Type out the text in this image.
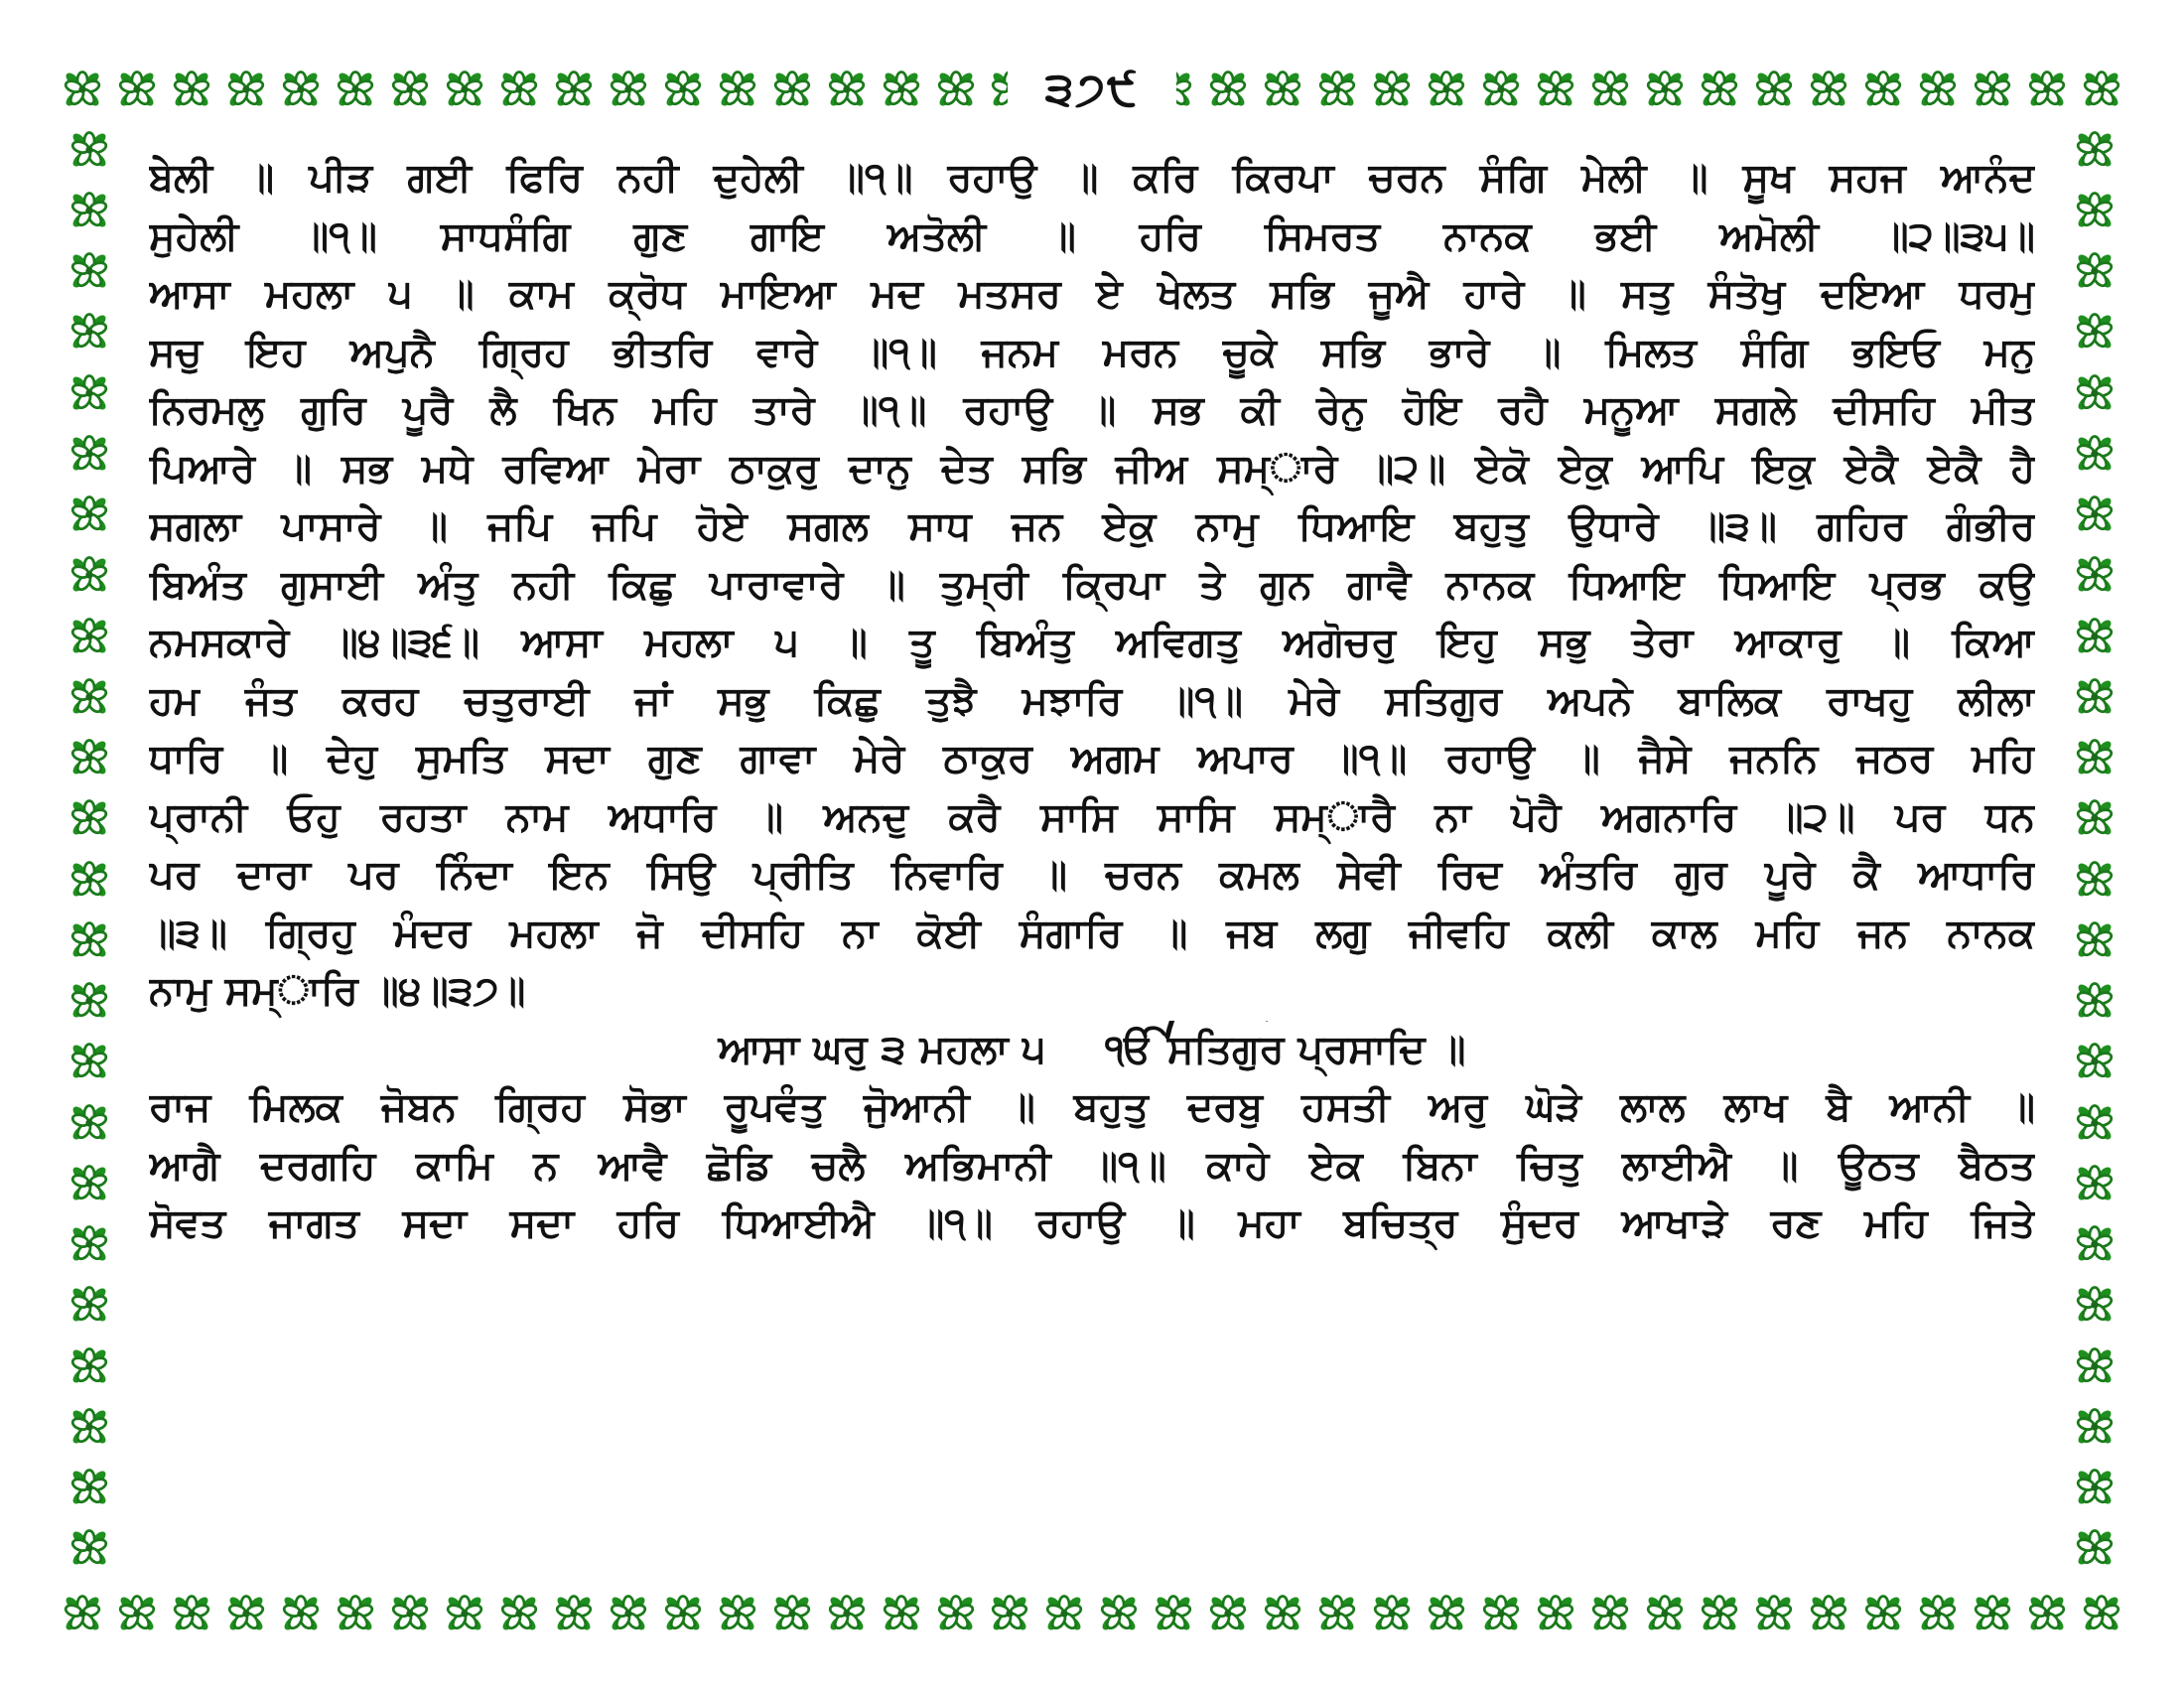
੩੭੯
ਬੇਲੀ ॥ ਪੀੜ ਗਈ ਫਿਰਿ ਨਹੀ ਦੁਹੇਲੀ ॥੧॥ ਰਹਾਉ ॥ ਕਰਿ ਕਿਰਪਾ ਚਰਨ ਸੰਗਿ ਮੇਲੀ ॥ ਸੂਖ ਸਹਜ ਆਨੰਦ
ਸੁਹੇਲੀ ॥੧॥ ਸਾਧਸੰਗਿ ਗੁਣ ਗਾਇ ਅਤੋਲੀ ॥ ਹਰਿ ਸਿਮਰਤ ਨਾਨਕ ਭਈ ਅਮੋਲੀ ॥੨॥੩੫॥
ਆਸਾ ਮਹਲਾ ੫ ॥ ਕਾਮ ਕ੍ਰੋਧ ਮਾਇਆ ਮਦ ਮਤਸਰ ਏ ਖੇਲਤ ਸਭਿ ਜੂਐ ਹਾਰੇ ॥ ਸਤੁ ਸੰਤੋਖੁ ਦਇਆ ਧਰਮੁ
ਸਚੁ ਇਹ ਅਪੁਨੈ ਗ੍ਰਿਹ ਭੀਤਰਿ ਵਾਰੇ ॥੧॥ ਜਨਮ ਮਰਨ ਚੂਕੇ ਸਭਿ ਭਾਰੇ ॥ ਮਿਲਤ ਸੰਗਿ ਭਇਓ ਮਨੁ
ਨਿਰਮਲੁ ਗੁਰਿ ਪੂਰੈ ਲੈ ਖਿਨ ਮਹਿ ਤਾਰੇ ॥੧॥ ਰਹਾਉ ॥ ਸਭ ਕੀ ਰੇਨੁ ਹੋਇ ਰਹੈ ਮਨੂਆ ਸਗਲੇ ਦੀਸਹਿ ਮੀਤ
ਪਿਆਰੇ ॥ ਸਭ ਮਧੇ ਰਵਿਆ ਮੇਰਾ ਠਾਕੁਰੁ ਦਾਨੁ ਦੇਤ ਸਭਿ ਜੀਅ ਸਮ੍ਾਰੇ ॥੨॥ ਏਕੋ ਏਕੁ ਆਪਿ ਇਕੁ ਏਕੈ ਏਕੈ ਹੈ
ਸਗਲਾ ਪਾਸਾਰੇ ॥ ਜਪਿ ਜਪਿ ਹੋਏ ਸਗਲ ਸਾਧ ਜਨ ਏਕੁ ਨਾਮੁ ਧਿਆਇ ਬਹੁਤੁ ਉਧਾਰੇ ॥੩॥ ਗਹਿਰ ਗੰਭੀਰ
ਬਿਅੰਤ ਗੁਸਾਈ ਅੰਤੁ ਨਹੀ ਕਿਛੁ ਪਾਰਾਵਾਰੇ ॥ ਤੁਮ੍ਰੀ ਕ੍ਰਿਪਾ ਤੇ ਗੁਨ ਗਾਵੈ ਨਾਨਕ ਧਿਆਇ ਧਿਆਇ ਪ੍ਰਭ ਕਉ
ਨਮਸਕਾਰੇ ॥੪॥੩੬॥ ਆਸਾ ਮਹਲਾ ੫ ॥ ਤੂ ਬਿਅੰਤੁ ਅਵਿਗਤੁ ਅਗੋਚਰੁ ਇਹੁ ਸਭੁ ਤੇਰਾ ਆਕਾਰੁ ॥ ਕਿਆ
ਹਮ ਜੰਤ ਕਰਹ ਚਤੁਰਾਈ ਜਾਂ ਸਭੁ ਕਿਛੁ ਤੁਝੈ ਮਝਾਰਿ ॥੧॥ ਮੇਰੇ ਸਤਿਗੁਰ ਅਪਨੇ ਬਾਲਿਕ ਰਾਖਹੁ ਲੀਲਾ
ਧਾਰਿ ॥ ਦੇਹੁ ਸੁਮਤਿ ਸਦਾ ਗੁਣ ਗਾਵਾ ਮੇਰੇ ਠਾਕੁਰ ਅਗਮ ਅਪਾਰ ॥੧॥ ਰਹਾਉ ॥ ਜੈਸੇ ਜਨਨਿ ਜਠਰ ਮਹਿ
ਪ੍ਰਾਨੀ ਓਹੁ ਰਹਤਾ ਨਾਮ ਅਧਾਰਿ ॥ ਅਨਦੁ ਕਰੈ ਸਾਸਿ ਸਾਸਿ ਸਮ੍ਾਰੈ ਨਾ ਪੋਹੈ ਅਗਨਾਰਿ ॥੨॥ ਪਰ ਧਨ
ਪਰ ਦਾਰਾ ਪਰ ਨਿੰਦਾ ਇਨ ਸਿਉ ਪ੍ਰੀਤਿ ਨਿਵਾਰਿ ॥ ਚਰਨ ਕਮਲ ਸੇਵੀ ਰਿਦ ਅੰਤਰਿ ਗੁਰ ਪੂਰੇ ਕੈ ਆਧਾਰਿ
॥੩॥ ਗ੍ਰਿਹੁ ਮੰਦਰ ਮਹਲਾ ਜੋ ਦੀਸਹਿ ਨਾ ਕੋਈ ਸੰਗਾਰਿ ॥ ਜਬ ਲਗੁ ਜੀਵਹਿ ਕਲੀ ਕਾਲ ਮਹਿ ਜਨ ਨਾਨਕ
ਨਾਮੁ ਸਮ੍ਾਰਿ ॥੪॥੩੭॥
ਆਸਾ ਘਰੁ ੩ ਮਹਲਾ ੫ ੴ ਸਤਿਗੁਰ ਪ੍ਰਸਾਦਿ ॥
ਰਾਜ ਮਿਲਕ ਜੋਬਨ ਗ੍ਰਿਹ ਸੋਭਾ ਰੂਪਵੰਤੁ ਜੋੁਆਨੀ ॥ ਬਹੁਤੁ ਦਰਬੁ ਹਸਤੀ ਅਰੁ ਘੋੜੇ ਲਾਲ ਲਾਖ ਬੈ ਆਨੀ ॥
ਆਗੈ ਦਰਗਹਿ ਕਾਮਿ ਨ ਆਵੈ ਛੋਡਿ ਚਲੈ ਅਭਿਮਾਨੀ ॥੧॥ ਕਾਹੇ ਏਕ ਬਿਨਾ ਚਿਤੁ ਲਾਈਐ ॥ ਊਠਤ ਬੈਠਤ
ਸੋਵਤ ਜਾਗਤ ਸਦਾ ਸਦਾ ਹਰਿ ਧਿਆਈਐ ॥੧॥ ਰਹਾਉ ॥ ਮਹਾ ਬਚਿਤ੍ਰ ਸੁੰਦਰ ਆਖਾੜੇ ਰਣ ਮਹਿ ਜਿਤੇ
